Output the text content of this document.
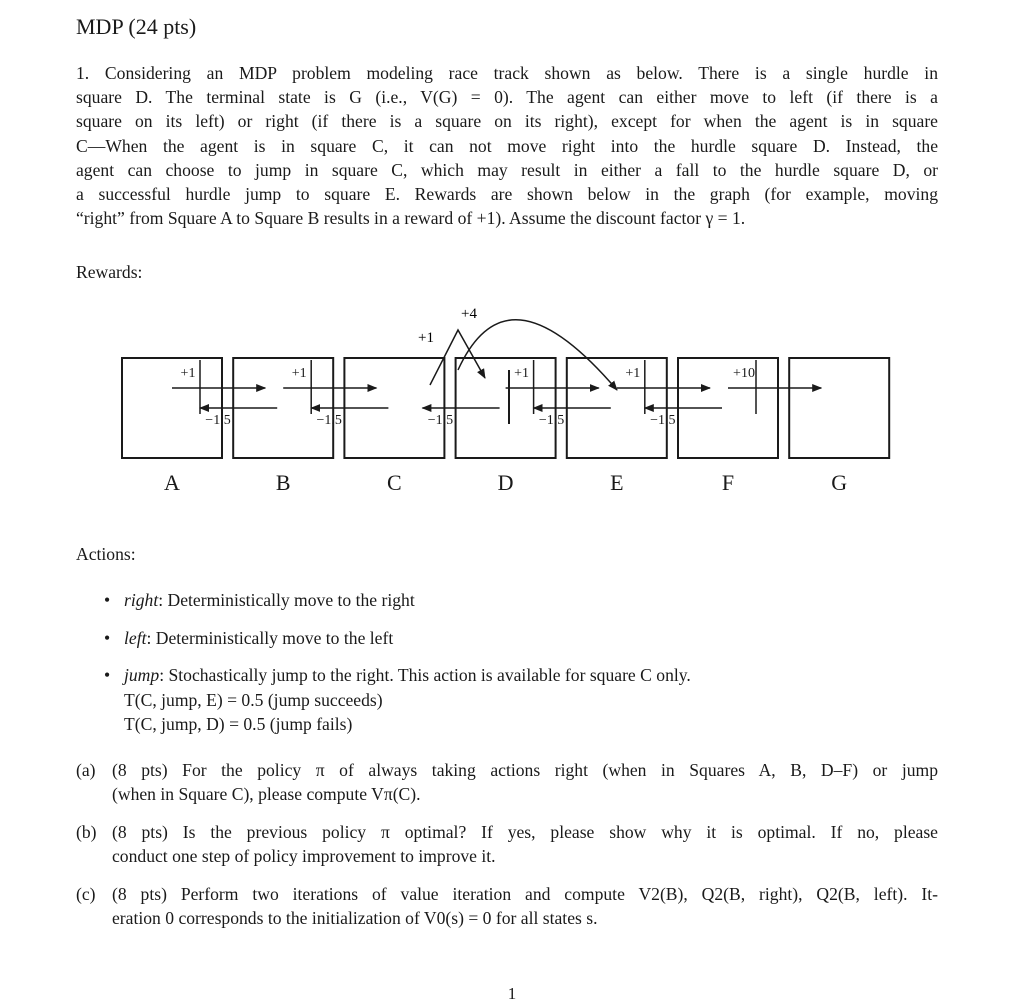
MDP (24 pts)
1. Considering an MDP problem modeling race track shown as below. There is a single hurdle in
square D. The terminal state is G (i.e., V(G) = 0). The agent can either move to left (if there is a
square on its left) or right (if there is a square on its right), except for when the agent is in square
C—When the agent is in square C, it can not move right into the hurdle square D. Instead, the
agent can choose to jump in square C, which may result in either a fall to the hurdle square D, or
a successful hurdle jump to square E. Rewards are shown below in the graph (for example, moving
“right” from Square A to Square B results in a reward of +1). Assume the discount factor γ = 1.
Rewards:
A	B	C	D	E	F	G
+1	+1	+1	+1	+10
−1.5	−1.5	−1.5	−1.5	−1.5
+1
+4
Actions:
• right: Deterministically move to the right
• left: Deterministically move to the left
• jump: Stochastically jump to the right. This action is available for square C only.
T(C, jump, E) = 0.5 (jump succeeds)
T(C, jump, D) = 0.5 (jump fails)
(a) (8 pts) For the policy π of always taking actions right (when in Squares A, B, D–F) or jump
(when in Square C), please compute Vπ(C).
(b) (8 pts) Is the previous policy π optimal? If yes, please show why it is optimal. If no, please
conduct one step of policy improvement to improve it.
(c) (8 pts) Perform two iterations of value iteration and compute V2(B), Q2(B, right), Q2(B, left). It-
eration 0 corresponds to the initialization of V0(s) = 0 for all states s.
1
